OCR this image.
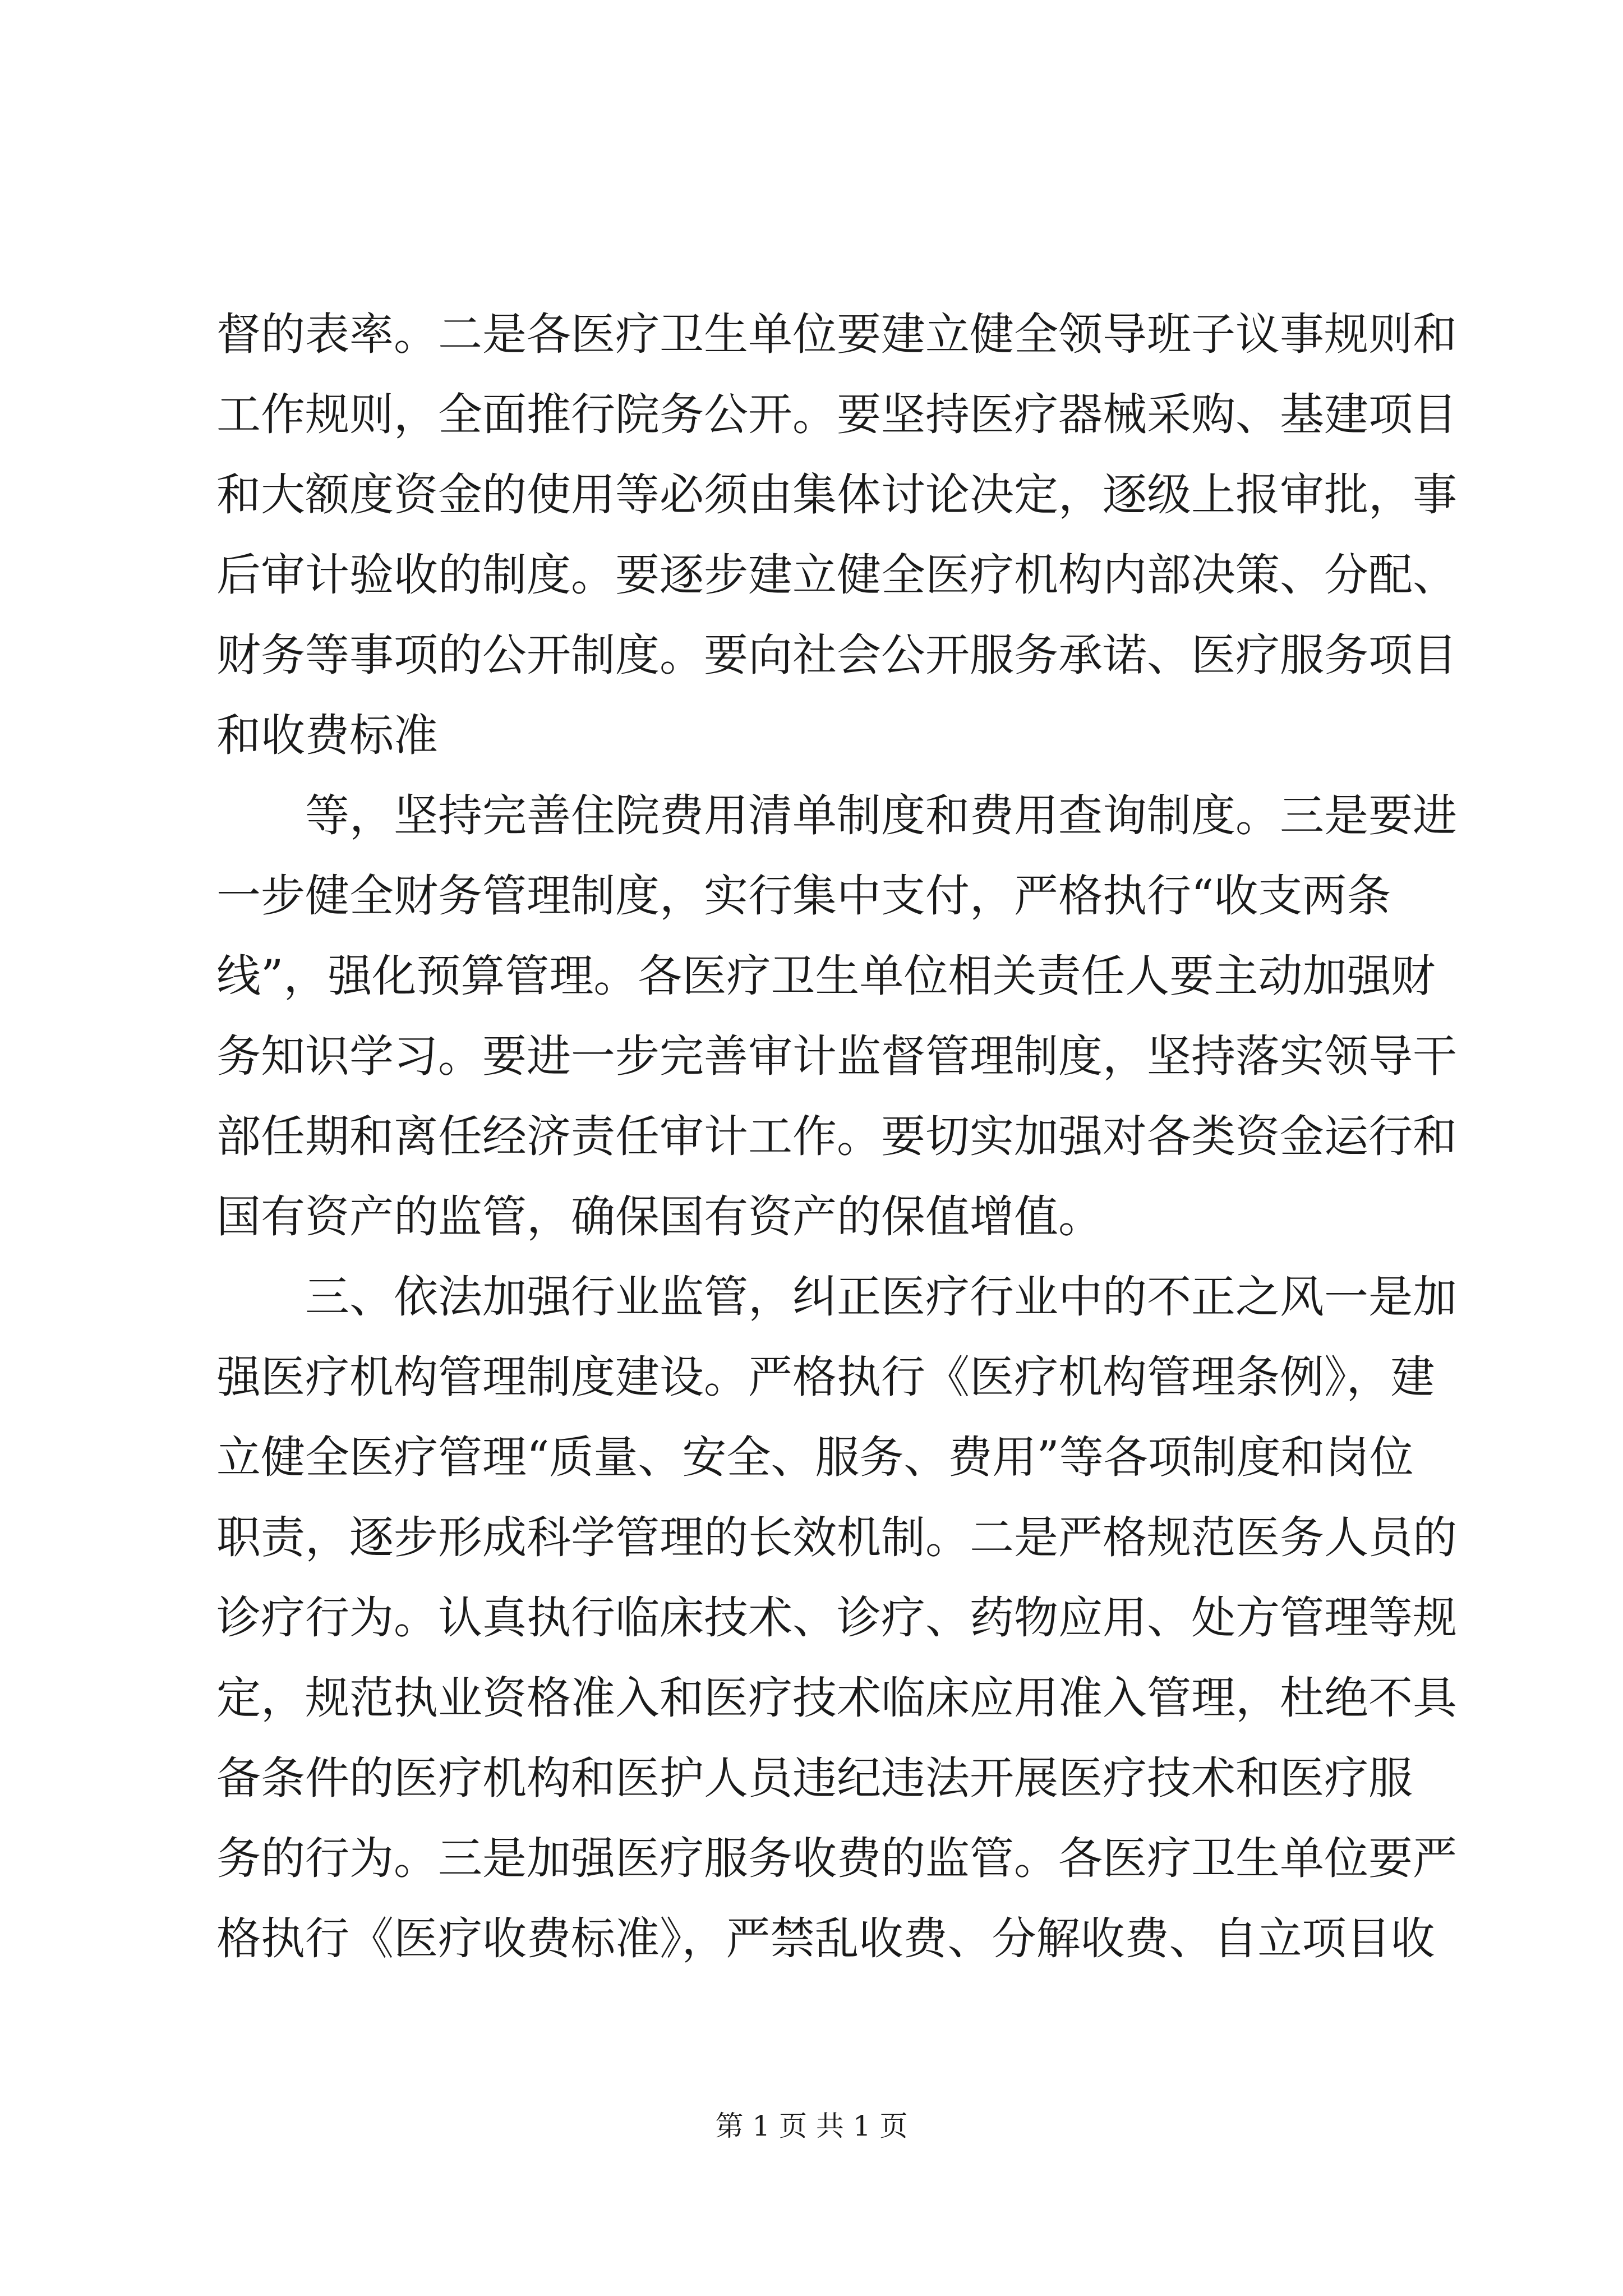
督的表率。二是各医疗卫生单位要建立健全领导班子议事规则和
工作规则，全面推行院务公开。要坚持医疗器械采购、基建项目
和大额度资金的使用等必须由集体讨论决定，逐级上报审批，事
后审计验收的制度。要逐步建立健全医疗机构内部决策、分配、
财务等事项的公开制度。要向社会公开服务承诺、医疗服务项目
和收费标准
　　等，坚持完善住院费用清单制度和费用查询制度。三是要进
一步健全财务管理制度，实行集中支付，严格执行“收支两条
线”，强化预算管理。各医疗卫生单位相关责任人要主动加强财
务知识学习。要进一步完善审计监督管理制度，坚持落实领导干
部任期和离任经济责任审计工作。要切实加强对各类资金运行和
国有资产的监管，确保国有资产的保值增值。
　　三、依法加强行业监管，纠正医疗行业中的不正之风一是加
强医疗机构管理制度建设。严格执行《医疗机构管理条例》，建
立健全医疗管理“质量、安全、服务、费用”等各项制度和岗位
职责，逐步形成科学管理的长效机制。二是严格规范医务人员的
诊疗行为。认真执行临床技术、诊疗、药物应用、处方管理等规
定，规范执业资格准入和医疗技术临床应用准入管理，杜绝不具
备条件的医疗机构和医护人员违纪违法开展医疗技术和医疗服
务的行为。三是加强医疗服务收费的监管。各医疗卫生单位要严
格执行《医疗收费标准》，严禁乱收费、分解收费、自立项目收
第 1 页 共 1 页
